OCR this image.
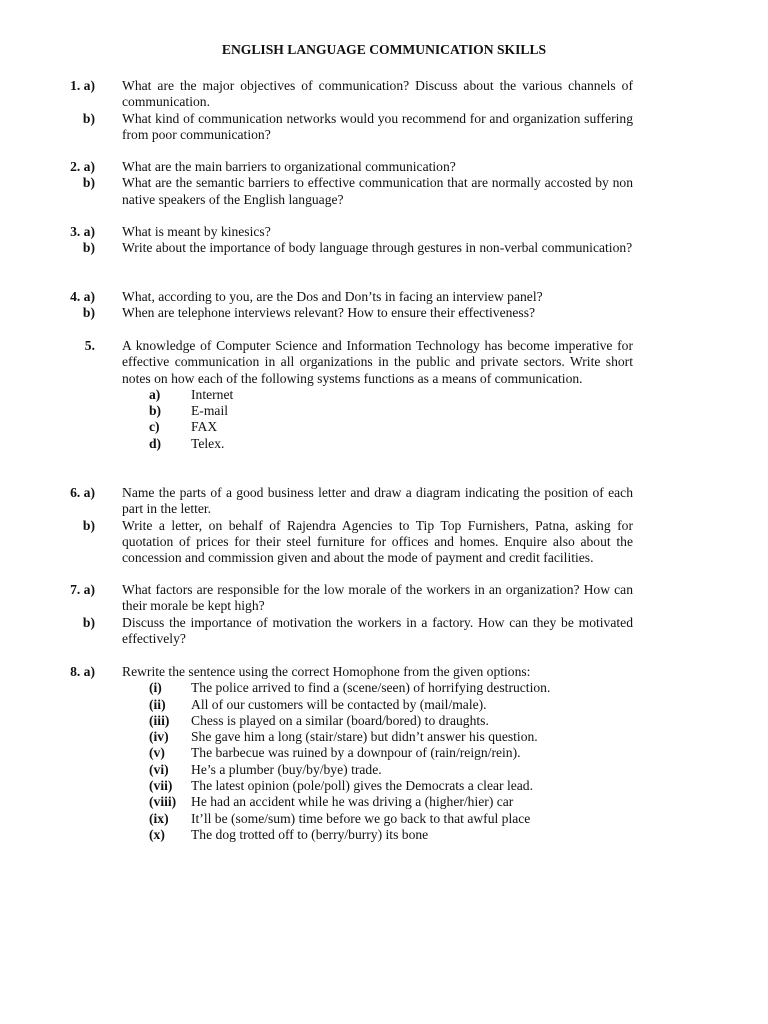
ENGLISH LANGUAGE COMMUNICATION SKILLS
1. a)	What are the major objectives of communication? Discuss about the various channels of communication.
b)	What kind of communication networks would you recommend for and organization suffering from poor communication?
2. a)	What are the main barriers to organizational communication?
b)	What are the semantic barriers to effective communication that are normally accosted by non native speakers of the English language?
3. a)	What is meant by kinesics?
b)	Write about the importance of body language through gestures in non-verbal communication?
4. a)	What, according to you, are the Dos and Don’ts in facing an interview panel?
b)	When are telephone interviews relevant? How to ensure their effectiveness?
5.	A knowledge of Computer Science and Information Technology has become imperative for effective communication in all organizations in the public and private sectors. Write short notes on how each of the following systems functions as a means of communication.
a)	Internet
b)	E-mail
c)	FAX
d)	Telex.
6. a)	Name the parts of a good business letter and draw a diagram indicating the position of each part in the letter.
b)	Write a letter, on behalf of Rajendra Agencies to Tip Top Furnishers, Patna, asking for quotation of prices for their steel furniture for offices and homes. Enquire also about the concession and commission given and about the mode of payment and credit facilities.
7. a)	What factors are responsible for the low morale of the workers in an organization? How can their morale be kept high?
b)	Discuss the importance of motivation the workers in a factory. How can they be motivated effectively?
8. a)	Rewrite the sentence using the correct Homophone from the given options:
(i)	The police arrived to find a (scene/seen) of horrifying destruction.
(ii)	All of our customers will be contacted by (mail/male).
(iii)	Chess is played on a similar (board/bored) to draughts.
(iv)	She gave him a long (stair/stare) but didn’t answer his question.
(v)	The barbecue was ruined by a downpour of (rain/reign/rein).
(vi)	He’s a plumber (buy/by/bye) trade.
(vii)	The latest opinion (pole/poll) gives the Democrats a clear lead.
(viii)	He had an accident while he was driving a (higher/hier) car
(ix)	It’ll be (some/sum) time before we go back to that awful place
(x)	The dog trotted off to (berry/burry) its bone
